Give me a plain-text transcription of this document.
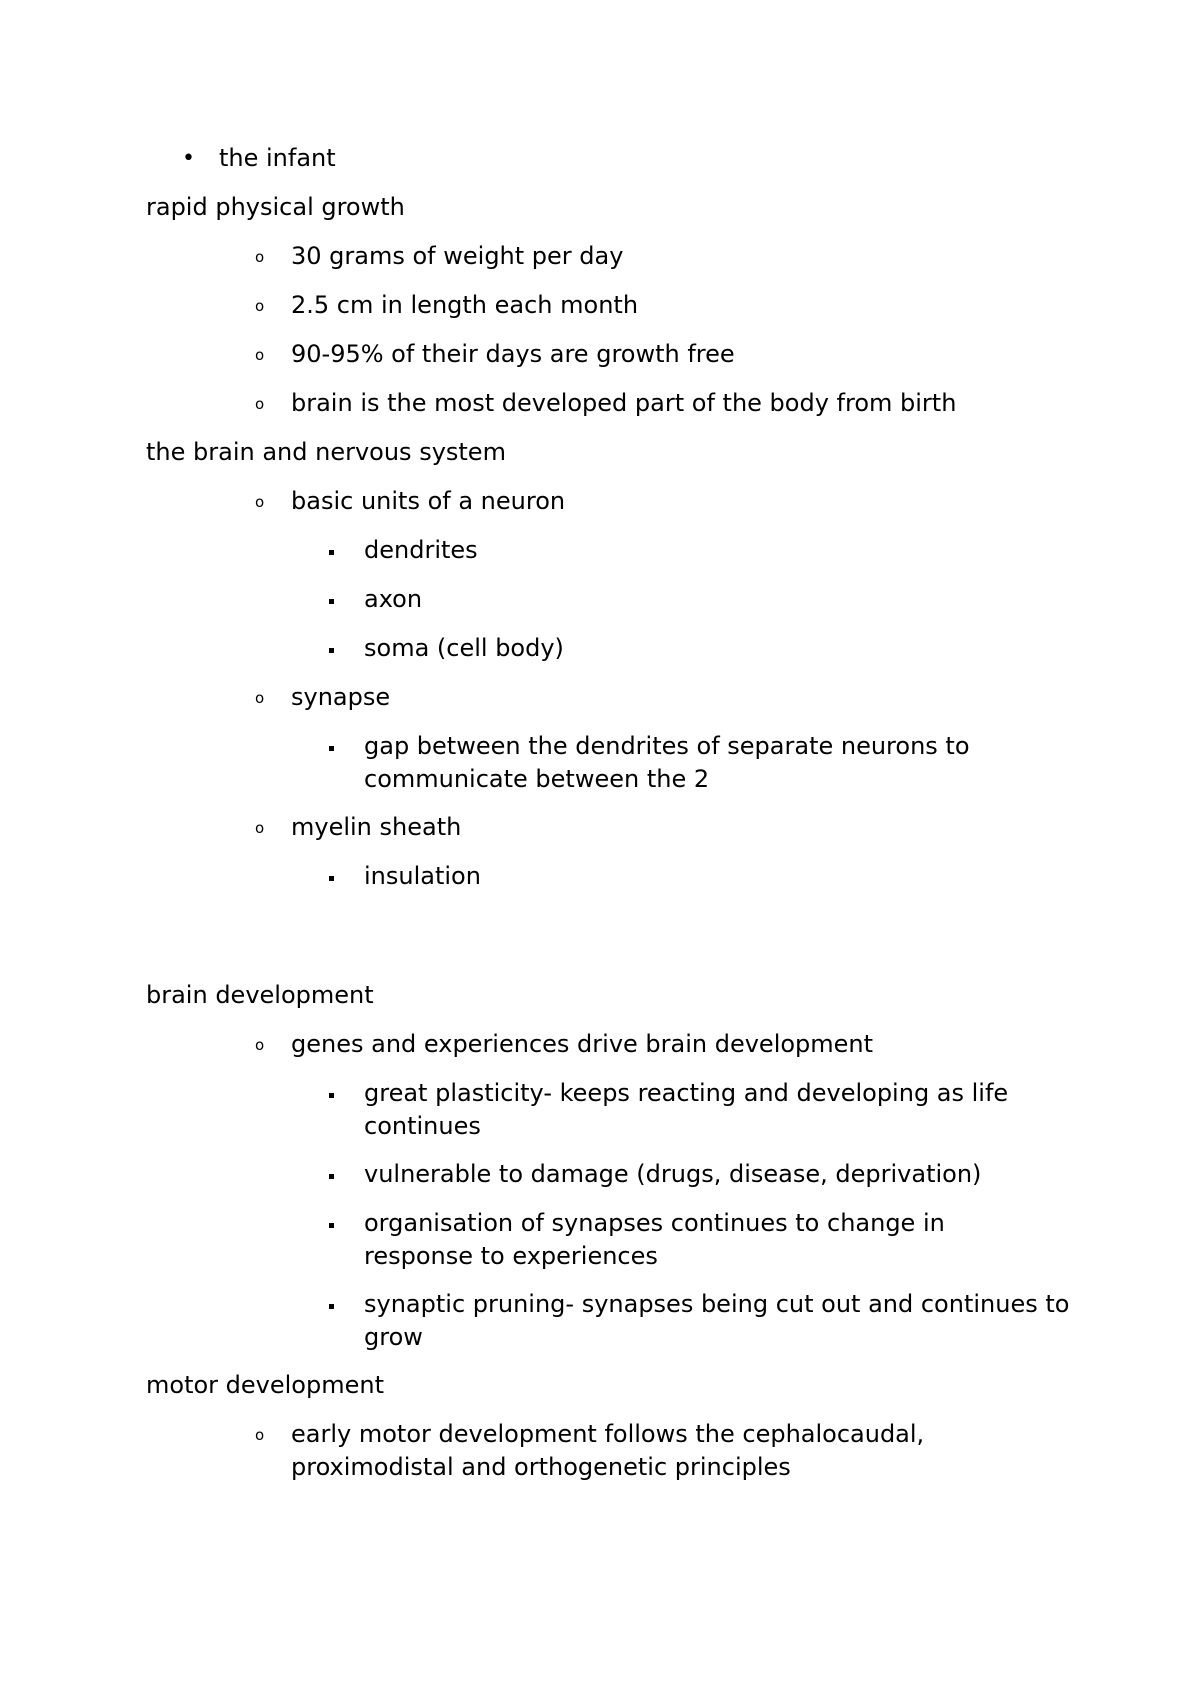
• the infant
rapid physical growth
o 30 grams of weight per day
o 2.5 cm in length each month
o 90-95% of their days are growth free
o brain is the most developed part of the body from birth
the brain and nervous system
o basic units of a neuron
dendrites
axon
soma (cell body)
o synapse
gap between the dendrites of separate neurons to communicate between the 2
o myelin sheath
insulation
brain development
o genes and experiences drive brain development
great plasticity- keeps reacting and developing as life continues
vulnerable to damage (drugs, disease, deprivation)
organisation of synapses continues to change in response to experiences
synaptic pruning- synapses being cut out and continues to grow
motor development
o early motor development follows the cephalocaudal, proximodistal and orthogenetic principles
